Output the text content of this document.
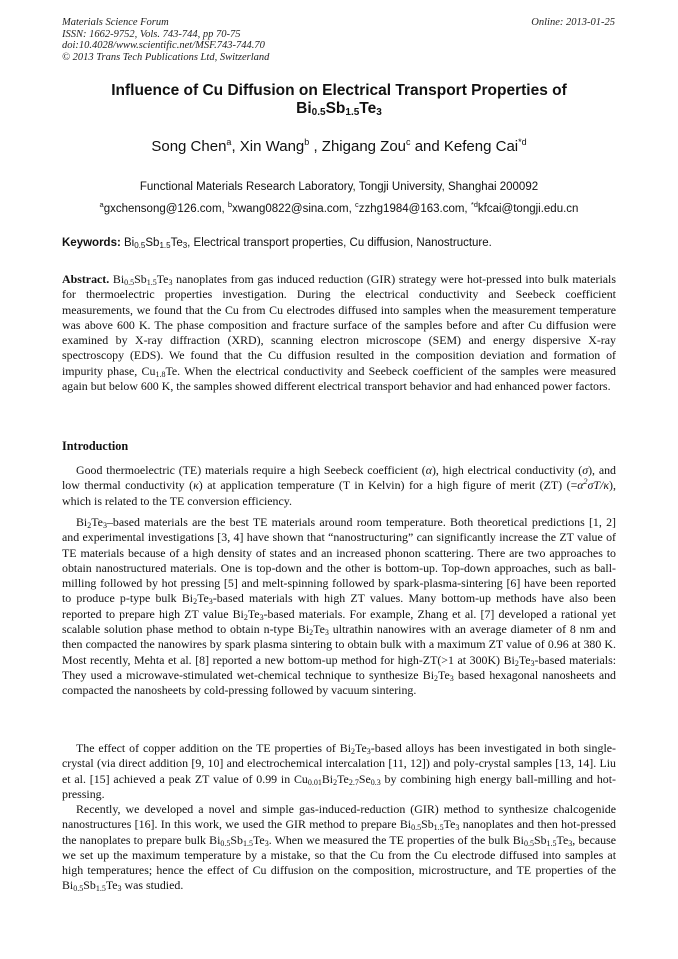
Materials Science Forum
ISSN: 1662-9752, Vols. 743-744, pp 70-75
doi:10.4028/www.scientific.net/MSF.743-744.70
© 2013 Trans Tech Publications Ltd, Switzerland
Online: 2013-01-25
Influence of Cu Diffusion on Electrical Transport Properties of
$Bi_{0.5}Sb_{1.5}Te_3$
Song Chen$^a$, Xin Wang$^b$ , Zhigang Zou$^c$ and Kefeng Cai$^{*d}$
Functional Materials Research Laboratory, Tongji University, Shanghai 200092
$^a$gxchensong@126.com, $^b$xwang0822@sina.com, $^c$zzhg1984@163.com, $^{*d}$kfcai@tongji.edu.cn
Keywords: $Bi_{0.5}Sb_{1.5}Te_3$, Electrical transport properties, Cu diffusion, Nanostructure.
Abstract. $Bi_{0.5}Sb_{1.5}Te_3$ nanoplates from gas induced reduction (GIR) strategy were hot-pressed into bulk materials for thermoelectric properties investigation. During the electrical conductivity and Seebeck coefficient measurements, we found that the Cu from Cu electrodes diffused into samples when the measurement temperature was above 600 K. The phase composition and fracture surface of the samples before and after Cu diffusion were examined by X-ray diffraction (XRD), scanning electron microscope (SEM) and energy dispersive X-ray spectroscopy (EDS). We found that the Cu diffusion resulted in the composition deviation and formation of impurity phase, $Cu_{1.8}Te$. When the electrical conductivity and Seebeck coefficient of the samples were measured again but below 600 K, the samples showed different electrical transport behavior and had enhanced power factors.
Introduction
Good thermoelectric (TE) materials require a high Seebeck coefficient (α), high electrical conductivity (σ), and low thermal conductivity (κ) at application temperature (T in Kelvin) for a high figure of merit (ZT) $(=\alpha^2\sigma T/\kappa)$, which is related to the TE conversion efficiency.
$Bi_2Te_3$–based materials are the best TE materials around room temperature. Both theoretical predictions [1, 2] and experimental investigations [3, 4] have shown that “nanostructuring” can significantly increase the ZT value of TE materials because of a high density of states and an increased phonon scattering. There are two approaches to obtain nanostructured materials. One is top-down and the other is bottom-up. Top-down approaches, such as ball-milling followed by hot pressing [5] and melt-spinning followed by spark-plasma-sintering [6] have been reported to produce p-type bulk $Bi_2Te_3$-based materials with high ZT values. Many bottom-up methods have also been reported to prepare high ZT value $Bi_2Te_3$-based materials. For example, Zhang et al. [7] developed a rational yet scalable solution phase method to obtain n-type $Bi_2Te_3$ ultrathin nanowires with an average diameter of 8 nm and then compacted the nanowires by spark plasma sintering to obtain bulk with a maximum ZT value of 0.96 at 380 K. Most recently, Mehta et al. [8] reported a new bottom-up method for high-ZT(>1 at 300K) $Bi_2Te_3$-based materials: They used a microwave-stimulated wet-chemical technique to synthesize $Bi_2Te_3$ based hexagonal nanosheets and compacted the nanosheets by cold-pressing followed by vacuum sintering.
The effect of copper addition on the TE properties of $Bi_2Te_3$-based alloys has been investigated in both single-crystal (via direct addition [9, 10] and electrochemical intercalation [11, 12]) and poly-crystal samples [13, 14]. Liu et al. [15] achieved a peak ZT value of 0.99 in $Cu_{0.01}Bi_2Te_{2.7}Se_{0.3}$ by combining high energy ball-milling and hot-pressing.
Recently, we developed a novel and simple gas-induced-reduction (GIR) method to synthesize chalcogenide nanostructures [16]. In this work, we used the GIR method to prepare $Bi_{0.5}Sb_{1.5}Te_3$ nanoplates and then hot-pressed the nanoplates to prepare bulk $Bi_{0.5}Sb_{1.5}Te_3$. When we measured the TE properties of the bulk $Bi_{0.5}Sb_{1.5}Te_3$, because we set up the maximum temperature by a mistake, so that the Cu from the Cu electrode diffused into samples at high temperatures; hence the effect of Cu diffusion on the composition, microstructure, and TE properties of the $Bi_{0.5}Sb_{1.5}Te_3$ was studied.
